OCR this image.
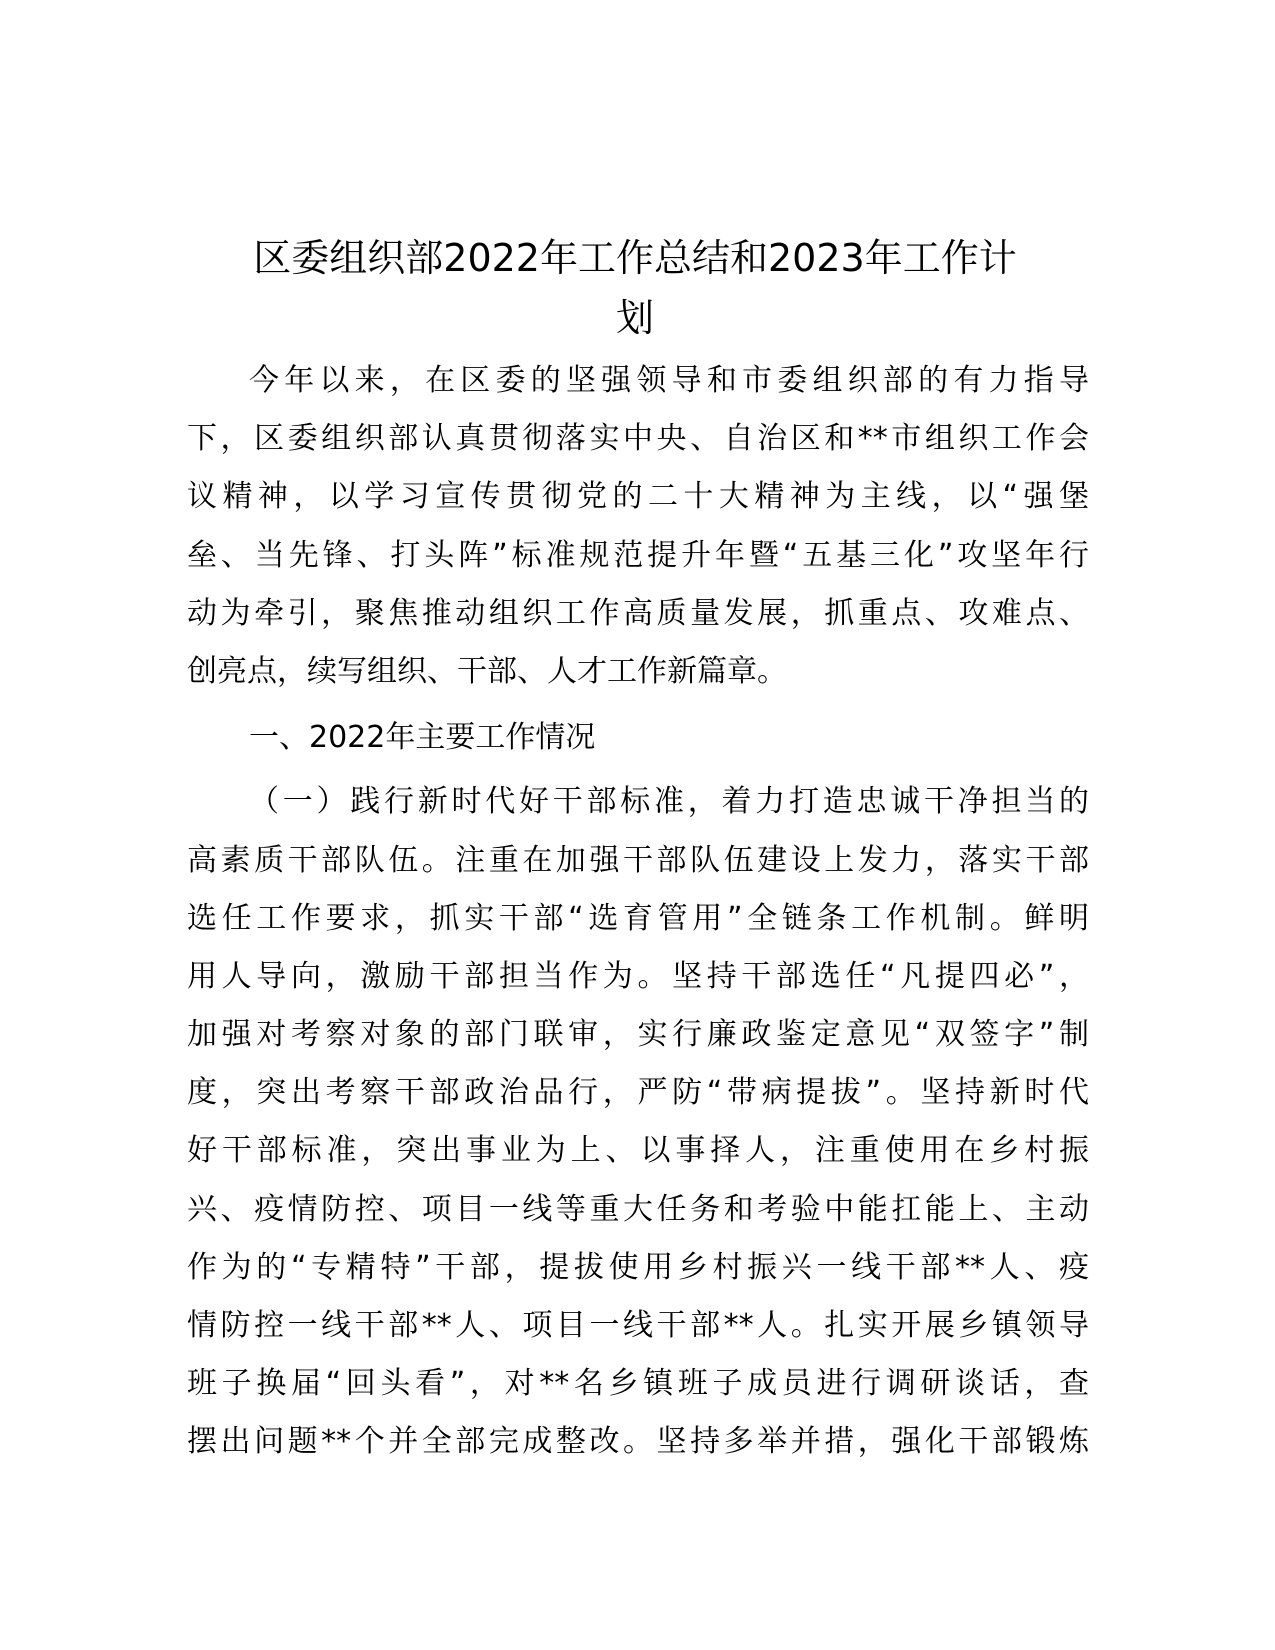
区委组织部2022年工作总结和2023年工作计
划
今年以来，在区委的坚强领导和市委组织部的有力指导
下，区委组织部认真贯彻落实中央、自治区和**市组织工作会
议精神，以学习宣传贯彻党的二十大精神为主线，以“强堡
垒、当先锋、打头阵”标准规范提升年暨“五基三化”攻坚年行
动为牵引，聚焦推动组织工作高质量发展，抓重点、攻难点、
创亮点，续写组织、干部、人才工作新篇章。
一、2022年主要工作情况
（一）践行新时代好干部标准，着力打造忠诚干净担当的
高素质干部队伍。注重在加强干部队伍建设上发力，落实干部
选任工作要求，抓实干部“选育管用”全链条工作机制。鲜明
用人导向，激励干部担当作为。坚持干部选任“凡提四必”，
加强对考察对象的部门联审，实行廉政鉴定意见“双签字”制
度，突出考察干部政治品行，严防“带病提拔”。坚持新时代
好干部标准，突出事业为上、以事择人，注重使用在乡村振
兴、疫情防控、项目一线等重大任务和考验中能扛能上、主动
作为的“专精特”干部，提拔使用乡村振兴一线干部**人、疫
情防控一线干部**人、项目一线干部**人。扎实开展乡镇领导
班子换届“回头看”，对**名乡镇班子成员进行调研谈话，查
摆出问题**个并全部完成整改。坚持多举并措，强化干部锻炼
